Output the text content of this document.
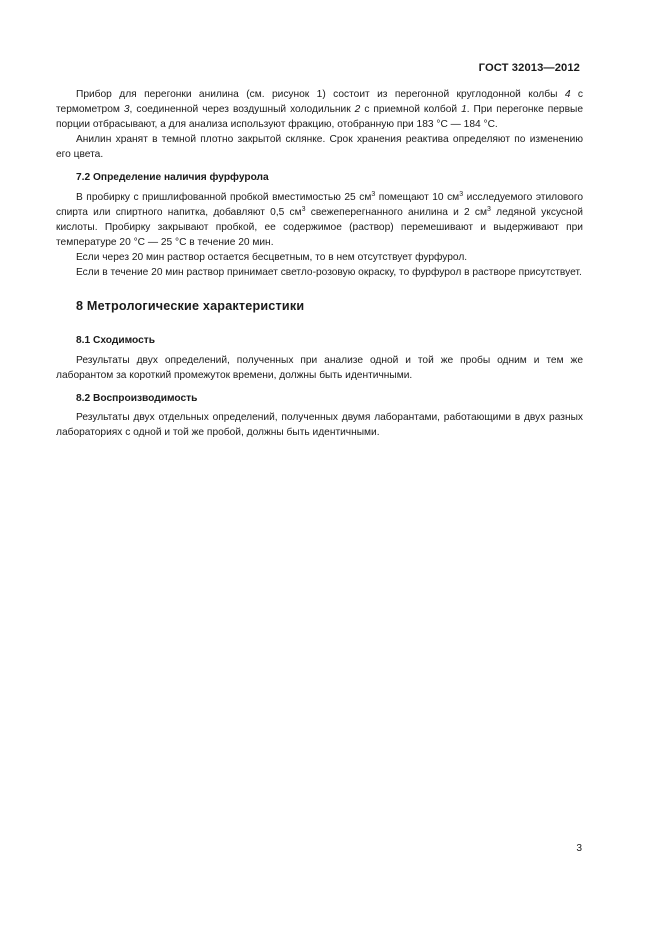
ГОСТ 32013—2012

Прибор для перегонки анилина (см. рисунок 1) состоит из перегонной круглодонной колбы 4 с термометром 3, соединенной через воздушный холодильник 2 с приемной колбой 1. При перегонке первые порции отбрасывают, а для анализа используют фракцию, отобранную при 183 °С — 184 °С.

Анилин хранят в темной плотно закрытой склянке. Срок хранения реактива определяют по изменению его цвета.

7.2 Определение наличия фурфурола

В пробирку с пришлифованной пробкой вместимостью 25 $см^3$ помещают 10 $см^3$ исследуемого этилового спирта или спиртного напитка, добавляют 0,5 $см^3$ свежеперегнанного анилина и 2 $см^3$ ледяной уксусной кислоты. Пробирку закрывают пробкой, ее содержимое (раствор) перемешивают и выдерживают при температуре 20 °С — 25 °С в течение 20 мин.

Если через 20 мин раствор остается бесцветным, то в нем отсутствует фурфурол.

Если в течение 20 мин раствор принимает светло-розовую окраску, то фурфурол в растворе присутствует.

8 Метрологические характеристики
8.1 Сходимость

Результаты двух определений, полученных при анализе одной и той же пробы одним и тем же лаборантом за короткий промежуток времени, должны быть идентичными.

8.2 Воспроизводимость

Результаты двух отдельных определений, полученных двумя лаборантами, работающими в двух разных лабораториях с одной и той же пробой, должны быть идентичными.

3
